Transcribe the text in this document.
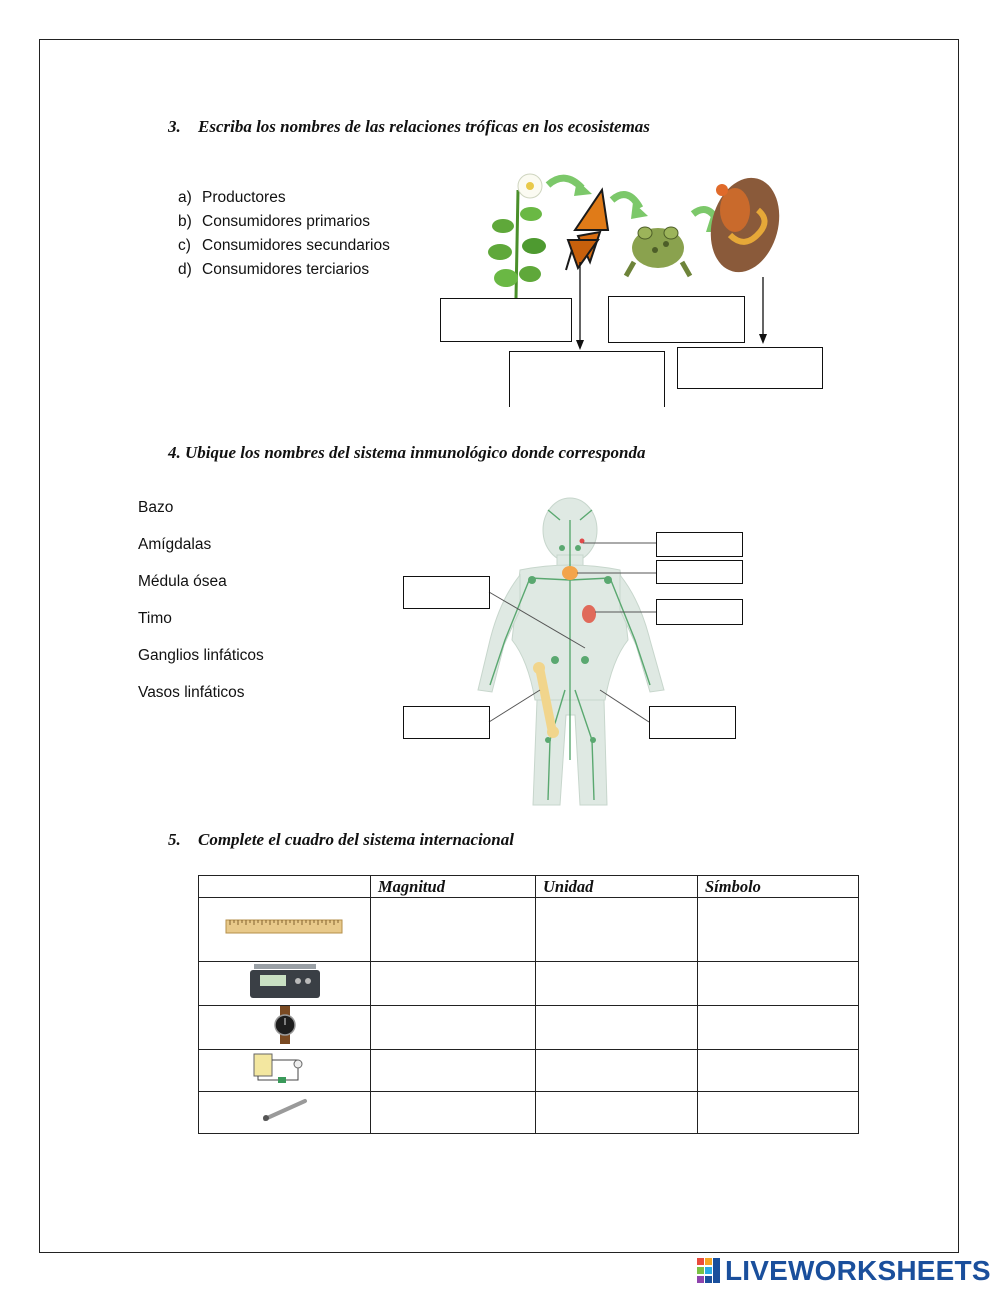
3. Escriba los nombres de las relaciones tróficas en los ecosistemas
a) Productores
b) Consumidores primarios
c) Consumidores secundarios
d) Consumidores terciarios
4. Ubique los nombres del sistema inmunológico donde corresponda
Bazo
Amígdalas
Médula ósea
Timo
Ganglios linfáticos
Vasos linfáticos
5. Complete el cuadro del sistema internacional
	Magnitud	Unidad	Símbolo

LIVEWORKSHEETS
